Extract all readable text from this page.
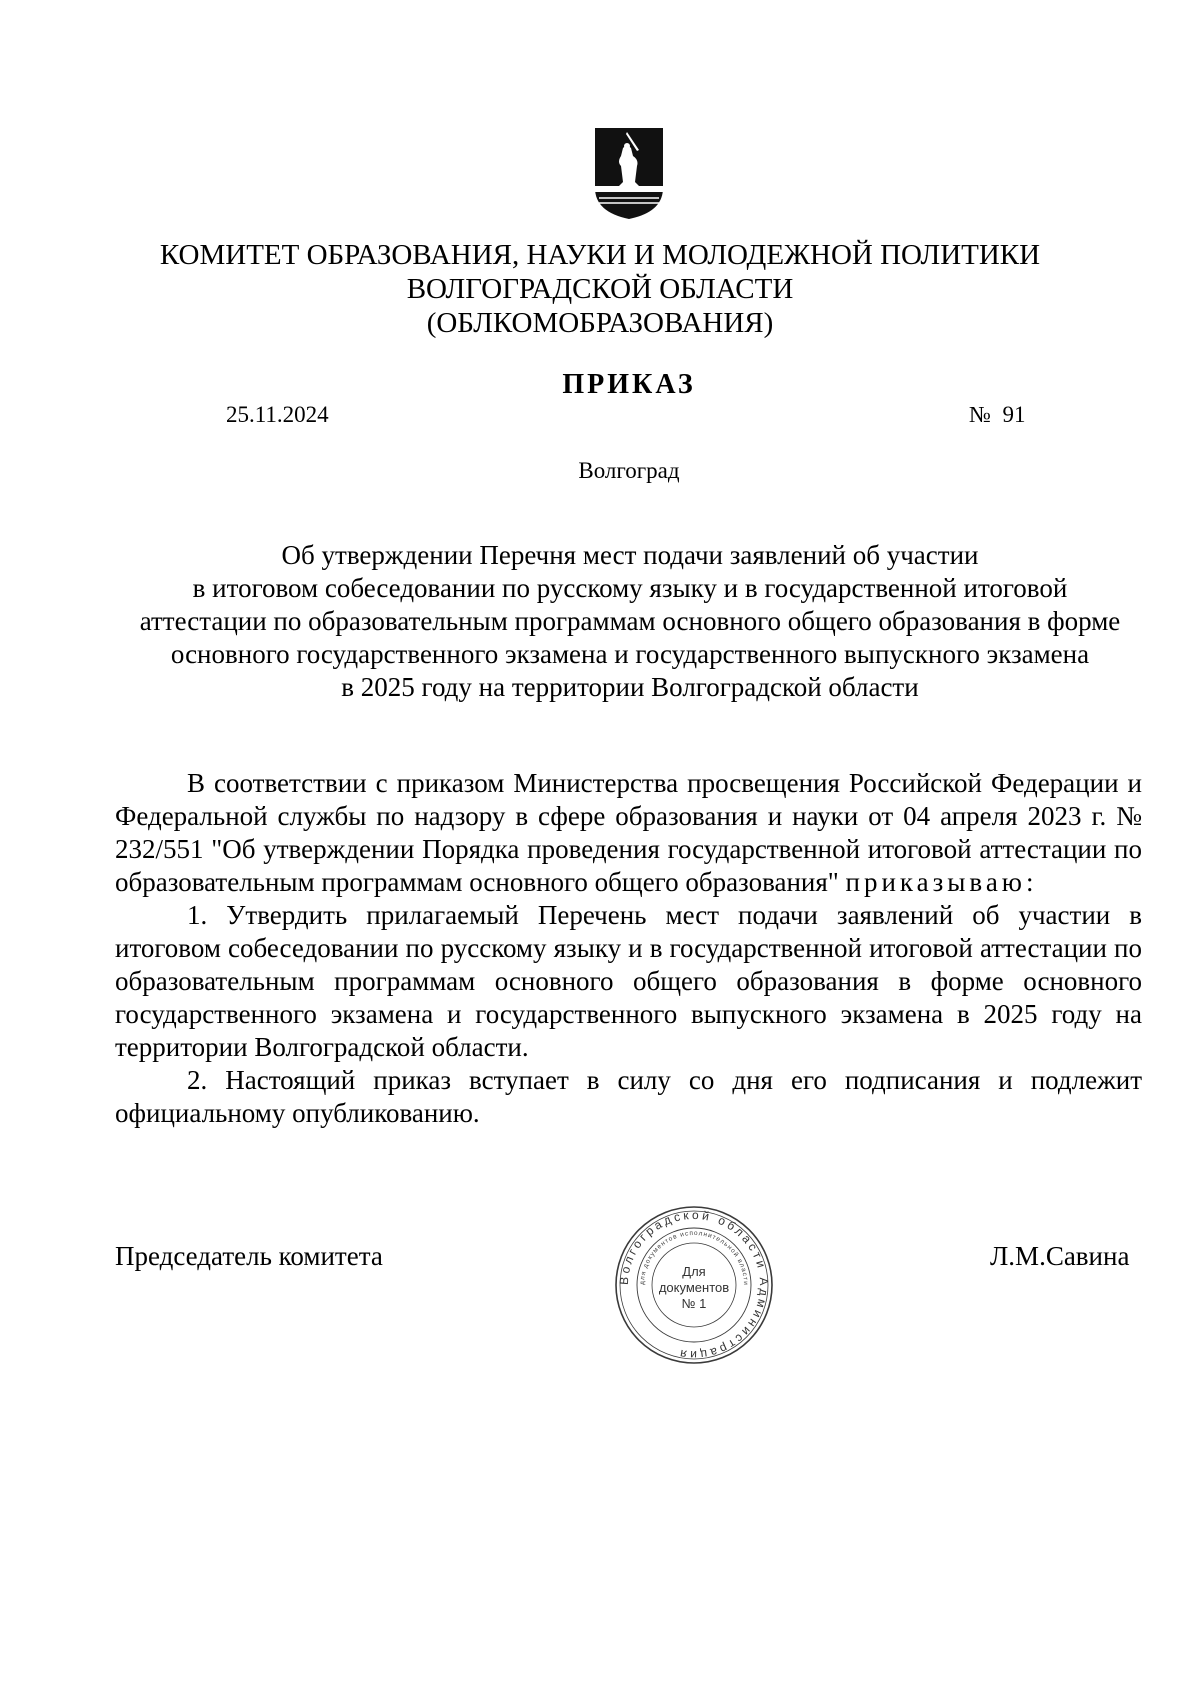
КОМИТЕТ ОБРАЗОВАНИЯ, НАУКИ И МОЛОДЕЖНОЙ ПОЛИТИКИ
ВОЛГОГРАДСКОЙ ОБЛАСТИ
(ОБЛКОМОБРАЗОВАНИЯ)
ПРИКАЗ
25.11.2024	№  91
Волгоград
Об утверждении Перечня мест подачи заявлений об участии
в итоговом собеседовании по русскому языку и в государственной итоговой
аттестации по образовательным программам основного общего образования в форме
основного государственного экзамена и государственного выпускного экзамена
в 2025 году на территории Волгоградской области

В соответствии с приказом Министерства просвещения Российской Федерации и Федеральной службы по надзору в сфере образования и науки от 04 апреля 2023 г. № 232/551 "Об утверждении Порядка проведения государственной итоговой аттестации по образовательным программам основного общего образования" приказываю:

1. Утвердить прилагаемый Перечень мест подачи заявлений об участии в итоговом собеседовании по русскому языку и в государственной итоговой аттестации по образовательным программам основного общего образования в форме основного государственного экзамена и государственного выпускного экзамена в 2025 году на территории Волгоградской области.

2. Настоящий приказ вступает в силу со дня его подписания и подлежит официальному опубликованию.

Председатель комитета	Л.М.Савина
Волгоградской области Администрация
для документов исполнительной власти
Для
документов
№ 1
